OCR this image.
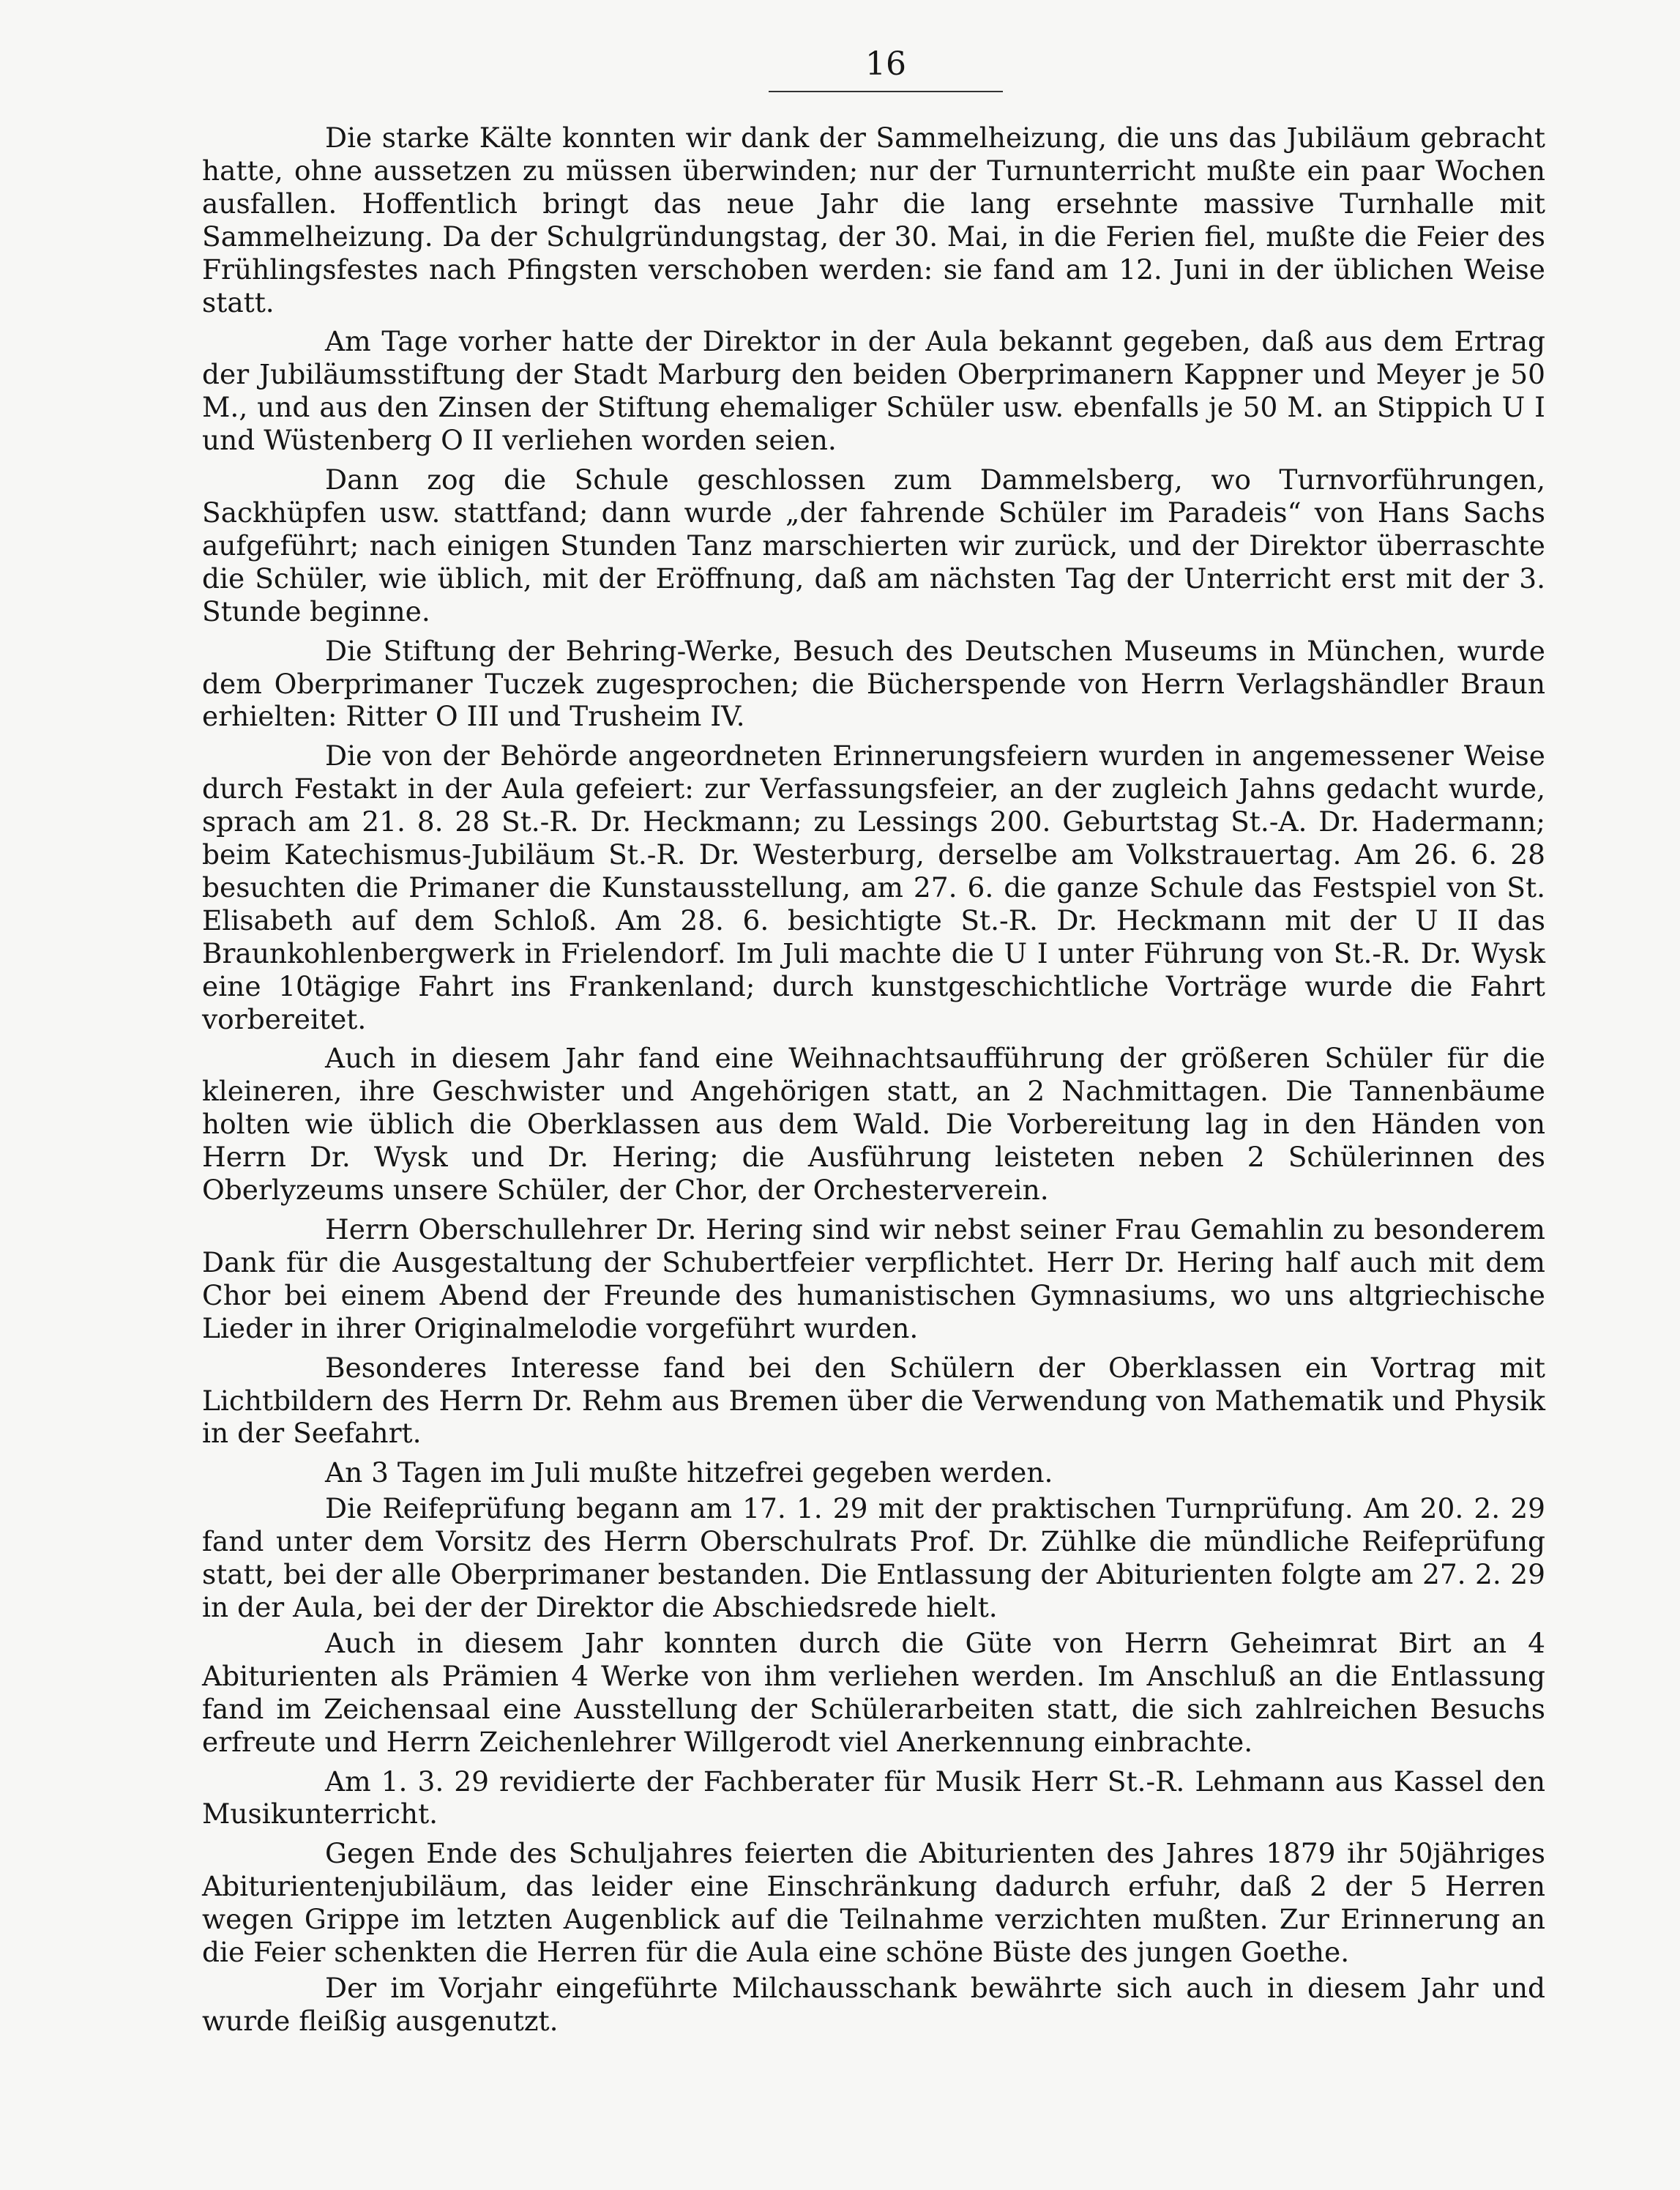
16

Die starke Kälte konnten wir dank der Sammelheizung, die uns das Jubiläum gebracht hatte, ohne aussetzen zu müssen überwinden; nur der Turnunterricht mußte ein paar Wochen ausfallen. Hoffentlich bringt das neue Jahr die lang ersehnte massive Turnhalle mit Sammelheizung. Da der Schulgründungstag, der 30. Mai, in die Ferien fiel, mußte die Feier des Frühlingsfestes nach Pfingsten verschoben werden: sie fand am 12. Juni in der üblichen Weise statt.

Am Tage vorher hatte der Direktor in der Aula bekannt gegeben, daß aus dem Ertrag der Jubiläumsstiftung der Stadt Marburg den beiden Oberprimanern Kappner und Meyer je 50 M., und aus den Zinsen der Stiftung ehemaliger Schüler usw. ebenfalls je 50 M. an Stippich U I und Wüstenberg O II verliehen worden seien.

Dann zog die Schule geschlossen zum Dammelsberg, wo Turnvorführungen, Sackhüpfen usw. stattfand; dann wurde „der fahrende Schüler im Paradeis“ von Hans Sachs aufgeführt; nach einigen Stunden Tanz marschierten wir zurück, und der Direktor überraschte die Schüler, wie üblich, mit der Eröffnung, daß am nächsten Tag der Unterricht erst mit der 3. Stunde beginne.

Die Stiftung der Behring-Werke, Besuch des Deutschen Museums in München, wurde dem Oberprimaner Tuczek zugesprochen; die Bücherspende von Herrn Verlagshändler Braun erhielten: Ritter O III und Trusheim IV.

Die von der Behörde angeordneten Erinnerungsfeiern wurden in angemessener Weise durch Festakt in der Aula gefeiert: zur Verfassungsfeier, an der zugleich Jahns gedacht wurde, sprach am 21. 8. 28 St.-R. Dr. Heckmann; zu Lessings 200. Geburtstag St.-A. Dr. Hadermann; beim Katechismus-Jubiläum St.-R. Dr. Westerburg, derselbe am Volkstrauertag. Am 26. 6. 28 besuchten die Primaner die Kunstausstellung, am 27. 6. die ganze Schule das Festspiel von St. Elisabeth auf dem Schloß. Am 28. 6. besichtigte St.-R. Dr. Heckmann mit der U II das Braunkohlenbergwerk in Frielendorf. Im Juli machte die U I unter Führung von St.-R. Dr. Wysk eine 10tägige Fahrt ins Frankenland; durch kunstgeschichtliche Vorträge wurde die Fahrt vorbereitet.

Auch in diesem Jahr fand eine Weihnachtsaufführung der größeren Schüler für die kleineren, ihre Geschwister und Angehörigen statt, an 2 Nachmittagen. Die Tannenbäume holten wie üblich die Oberklassen aus dem Wald. Die Vorbereitung lag in den Händen von Herrn Dr. Wysk und Dr. Hering; die Ausführung leisteten neben 2 Schülerinnen des Oberlyzeums unsere Schüler, der Chor, der Orchesterverein.

Herrn Oberschullehrer Dr. Hering sind wir nebst seiner Frau Gemahlin zu besonderem Dank für die Ausgestaltung der Schubertfeier verpflichtet. Herr Dr. Hering half auch mit dem Chor bei einem Abend der Freunde des humanistischen Gymnasiums, wo uns altgriechische Lieder in ihrer Originalmelodie vorgeführt wurden.

Besonderes Interesse fand bei den Schülern der Oberklassen ein Vortrag mit Lichtbildern des Herrn Dr. Rehm aus Bremen über die Verwendung von Mathematik und Physik in der Seefahrt.

An 3 Tagen im Juli mußte hitzefrei gegeben werden.

Die Reifeprüfung begann am 17. 1. 29 mit der praktischen Turnprüfung. Am 20. 2. 29 fand unter dem Vorsitz des Herrn Oberschulrats Prof. Dr. Zühlke die mündliche Reifeprüfung statt, bei der alle Oberprimaner bestanden. Die Entlassung der Abiturienten folgte am 27. 2. 29 in der Aula, bei der der Direktor die Abschiedsrede hielt.

Auch in diesem Jahr konnten durch die Güte von Herrn Geheimrat Birt an 4 Abiturienten als Prämien 4 Werke von ihm verliehen werden. Im Anschluß an die Entlassung fand im Zeichensaal eine Ausstellung der Schülerarbeiten statt, die sich zahlreichen Besuchs erfreute und Herrn Zeichenlehrer Willgerodt viel Anerkennung einbrachte.

Am 1. 3. 29 revidierte der Fachberater für Musik Herr St.-R. Lehmann aus Kassel den Musikunterricht.

Gegen Ende des Schuljahres feierten die Abiturienten des Jahres 1879 ihr 50jähriges Abiturientenjubiläum, das leider eine Einschränkung dadurch erfuhr, daß 2 der 5 Herren wegen Grippe im letzten Augenblick auf die Teilnahme verzichten mußten. Zur Erinnerung an die Feier schenkten die Herren für die Aula eine schöne Büste des jungen Goethe.

Der im Vorjahr eingeführte Milchausschank bewährte sich auch in diesem Jahr und wurde fleißig ausgenutzt.
